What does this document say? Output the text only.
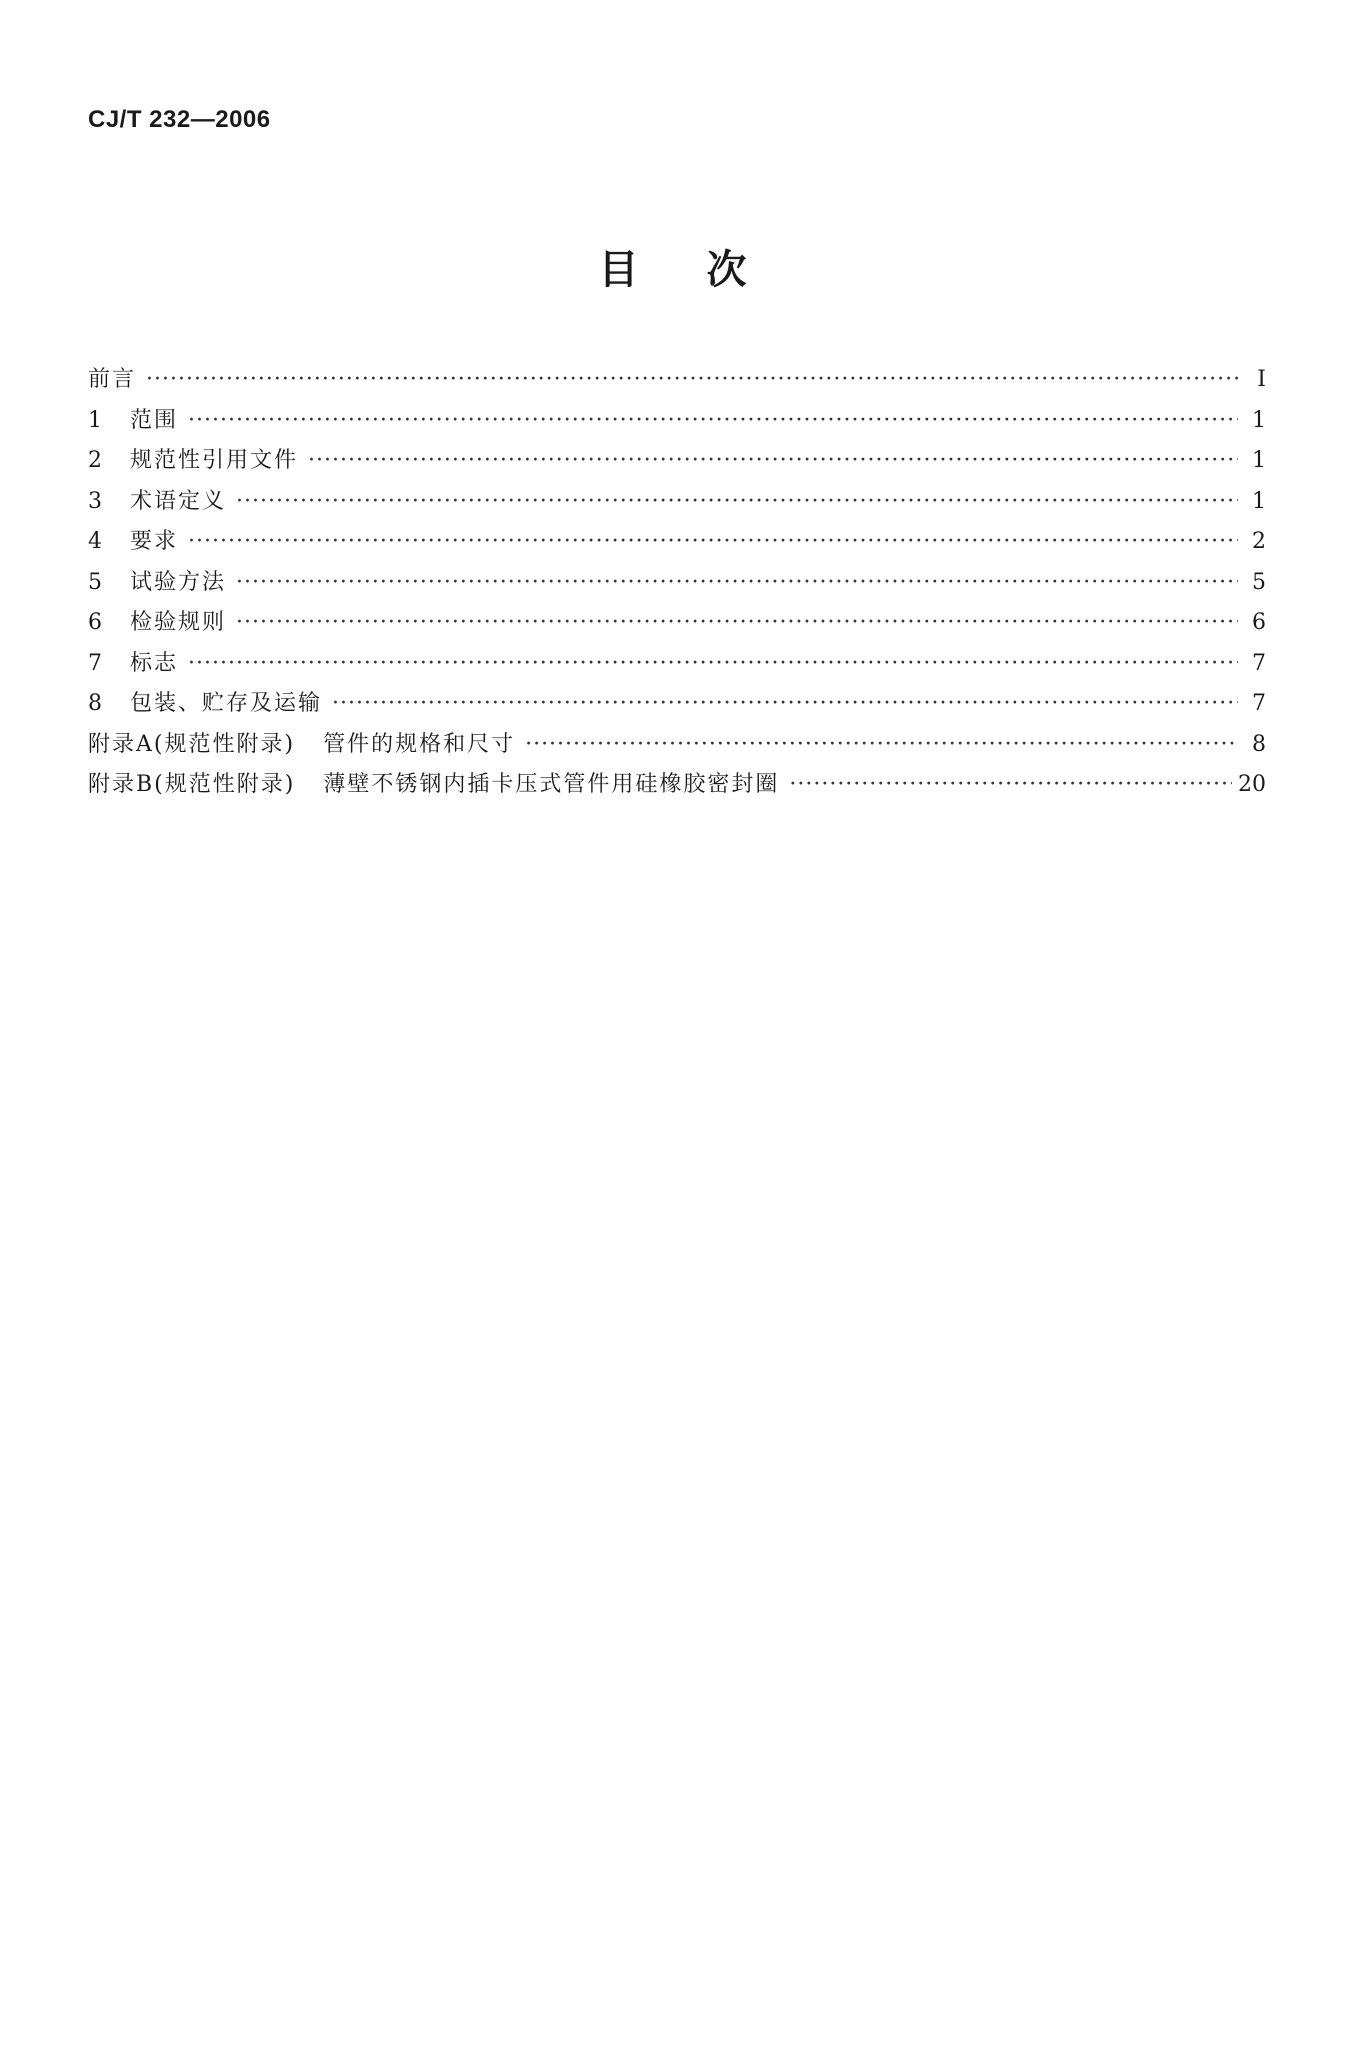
CJ/T 232—2006
目次
前言 ·····	Ⅰ
1	范围 ·····	1
2	规范性引用文件 ·····	1
3	术语定义 ·····	1
4	要求 ·····	2
5	试验方法 ·····	5
6	检验规则 ·····	6
7	标志 ·····	7
8	包装、贮存及运输 ·····	7
附录A(规范性附录) 管件的规格和尺寸 ·····	8
附录B(规范性附录) 薄壁不锈钢内插卡压式管件用硅橡胶密封圈 ·····	20
